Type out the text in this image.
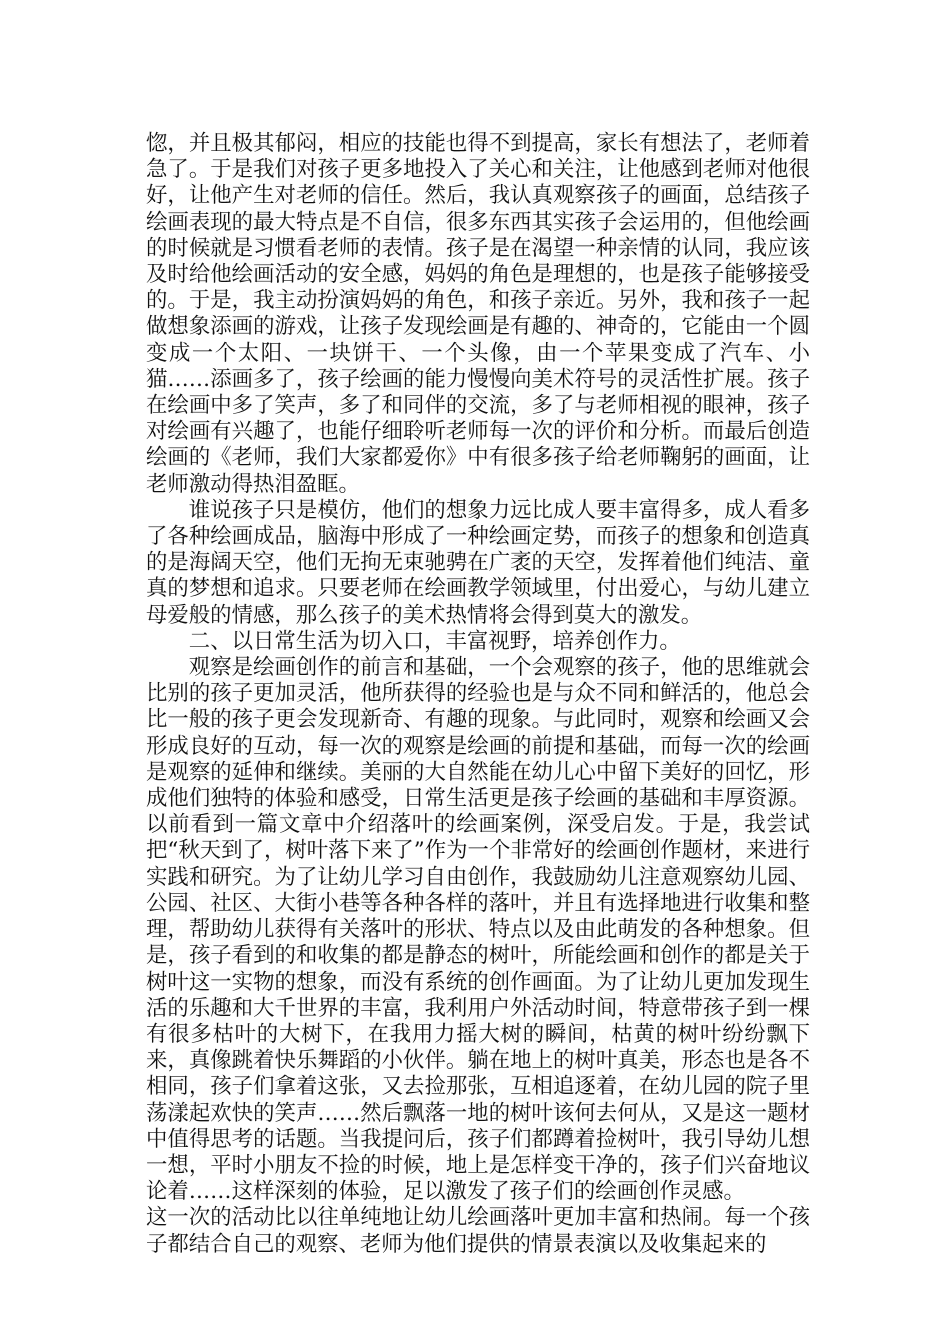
惚，并且极其郁闷，相应的技能也得不到提高，家长有想法了，老师着急了。于是我们对孩子更多地投入了关心和关注，让他感到老师对他很好，让他产生对老师的信任。然后，我认真观察孩子的画面，总结孩子绘画表现的最大特点是不自信，很多东西其实孩子会运用的，但他绘画的时候就是习惯看老师的表情。孩子是在渴望一种亲情的认同，我应该及时给他绘画活动的安全感，妈妈的角色是理想的，也是孩子能够接受的。于是，我主动扮演妈妈的角色，和孩子亲近。另外，我和孩子一起做想象添画的游戏，让孩子发现绘画是有趣的、神奇的，它能由一个圆变成一个太阳、一块饼干、一个头像，由一个苹果变成了汽车、小猫……添画多了，孩子绘画的能力慢慢向美术符号的灵活性扩展。孩子在绘画中多了笑声，多了和同伴的交流，多了与老师相视的眼神，孩子对绘画有兴趣了，也能仔细聆听老师每一次的评价和分析。而最后创造绘画的《老师，我们大家都爱你》中有很多孩子给老师鞠躬的画面，让老师激动得热泪盈眶。

谁说孩子只是模仿，他们的想象力远比成人要丰富得多，成人看多了各种绘画成品，脑海中形成了一种绘画定势，而孩子的想象和创造真的是海阔天空，他们无拘无束驰骋在广袤的天空，发挥着他们纯洁、童真的梦想和追求。只要老师在绘画教学领域里，付出爱心，与幼儿建立母爱般的情感，那么孩子的美术热情将会得到莫大的激发。

二、以日常生活为切入口，丰富视野，培养创作力。

观察是绘画创作的前言和基础，一个会观察的孩子，他的思维就会比别的孩子更加灵活，他所获得的经验也是与众不同和鲜活的，他总会比一般的孩子更会发现新奇、有趣的现象。与此同时，观察和绘画又会形成良好的互动，每一次的观察是绘画的前提和基础，而每一次的绘画是观察的延伸和继续。美丽的大自然能在幼儿心中留下美好的回忆，形成他们独特的体验和感受，日常生活更是孩子绘画的基础和丰厚资源。以前看到一篇文章中介绍落叶的绘画案例，深受启发。于是，我尝试把“秋天到了，树叶落下来了”作为一个非常好的绘画创作题材，来进行实践和研究。为了让幼儿学习自由创作，我鼓励幼儿注意观察幼儿园、公园、社区、大街小巷等各种各样的落叶，并且有选择地进行收集和整理，帮助幼儿获得有关落叶的形状、特点以及由此萌发的各种想象。但是，孩子看到的和收集的都是静态的树叶，所能绘画和创作的都是关于树叶这一实物的想象，而没有系统的创作画面。为了让幼儿更加发现生活的乐趣和大千世界的丰富，我利用户外活动时间，特意带孩子到一棵有很多枯叶的大树下，在我用力摇大树的瞬间，枯黄的树叶纷纷飘下来，真像跳着快乐舞蹈的小伙伴。躺在地上的树叶真美，形态也是各不相同，孩子们拿着这张，又去捡那张，互相追逐着，在幼儿园的院子里荡漾起欢快的笑声……然后飘落一地的树叶该何去何从，又是这一题材中值得思考的话题。当我提问后，孩子们都蹲着捡树叶，我引导幼儿想一想，平时小朋友不捡的时候，地上是怎样变干净的，孩子们兴奋地议论着……这样深刻的体验，足以激发了孩子们的绘画创作灵感。

这一次的活动比以往单纯地让幼儿绘画落叶更加丰富和热闹。每一个孩子都结合自己的观察、老师为他们提供的情景表演以及收集起来的
